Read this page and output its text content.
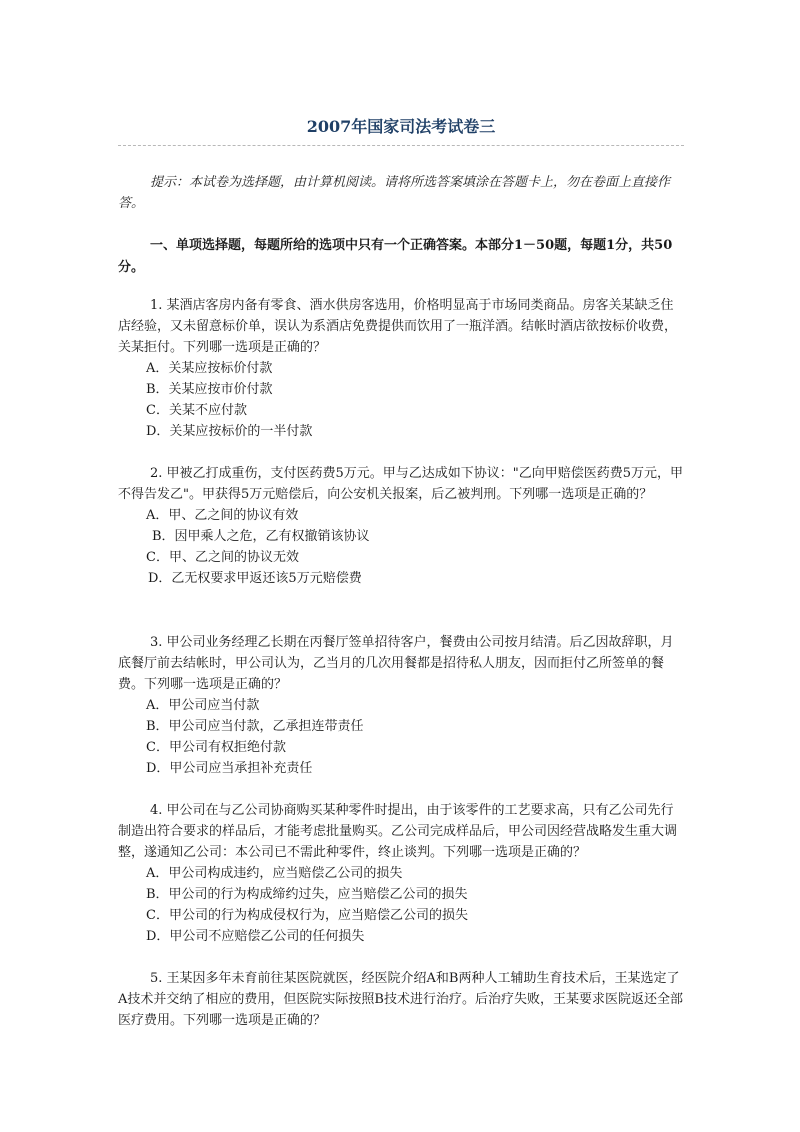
2007年国家司法考试卷三

提示：本试卷为选择题，由计算机阅读。请将所选答案填涂在答题卡上，勿在卷面上直接作答。

一、单项选择题，每题所给的选项中只有一个正确答案。本部分1－50题，每题1分，共50分。

1. 某酒店客房内备有零食、酒水供房客选用，价格明显高于市场同类商品。房客关某缺乏住店经验，又未留意标价单，误认为系酒店免费提供而饮用了一瓶洋酒。结帐时酒店欲按标价收费，关某拒付。下列哪一选项是正确的？

A．关某应按标价付款

B．关某应按市价付款

C．关某不应付款

D．关某应按标价的一半付款

2. 甲被乙打成重伤，支付医药费5万元。甲与乙达成如下协议："乙向甲赔偿医药费5万元，甲不得告发乙"。甲获得5万元赔偿后，向公安机关报案，后乙被判刑。下列哪一选项是正确的？

A．甲、乙之间的协议有效

B．因甲乘人之危，乙有权撤销该协议

C．甲、乙之间的协议无效

D．乙无权要求甲返还该5万元赔偿费

3. 甲公司业务经理乙长期在丙餐厅签单招待客户，餐费由公司按月结清。后乙因故辞职，月底餐厅前去结帐时，甲公司认为，乙当月的几次用餐都是招待私人朋友，因而拒付乙所签单的餐费。下列哪一选项是正确的？

A．甲公司应当付款

B．甲公司应当付款，乙承担连带责任

C．甲公司有权拒绝付款

D．甲公司应当承担补充责任

4. 甲公司在与乙公司协商购买某种零件时提出，由于该零件的工艺要求高，只有乙公司先行制造出符合要求的样品后，才能考虑批量购买。乙公司完成样品后，甲公司因经营战略发生重大调整，遂通知乙公司：本公司已不需此种零件，终止谈判。下列哪一选项是正确的？

A．甲公司构成违约，应当赔偿乙公司的损失

B．甲公司的行为构成缔约过失，应当赔偿乙公司的损失

C．甲公司的行为构成侵权行为，应当赔偿乙公司的损失

D．甲公司不应赔偿乙公司的任何损失

5. 王某因多年未育前往某医院就医，经医院介绍A和B两种人工辅助生育技术后，王某选定了A技术并交纳了相应的费用，但医院实际按照B技术进行治疗。后治疗失败，王某要求医院返还全部医疗费用。下列哪一选项是正确的？
